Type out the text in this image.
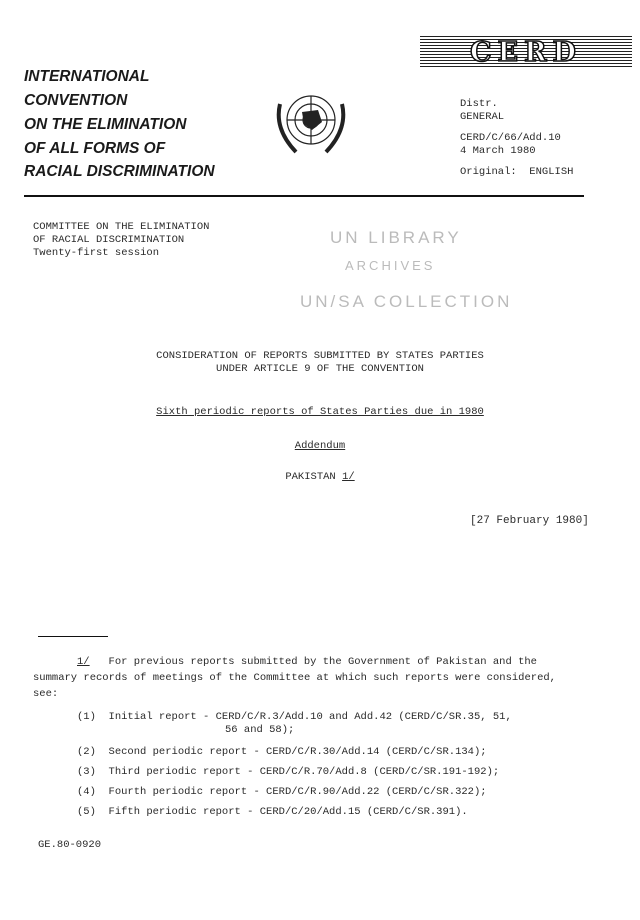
INTERNATIONAL
CONVENTION
ON THE ELIMINATION
OF ALL FORMS OF
RACIAL DISCRIMINATION
CERD
Distr.
GENERAL
CERD/C/66/Add.10
4 March 1980
Original:  ENGLISH
COMMITTEE ON THE ELIMINATION
OF RACIAL DISCRIMINATION
Twenty-first session
UN LIBRARY
ARCHIVES
UN/SA COLLECTION
CONSIDERATION OF REPORTS SUBMITTED BY STATES PARTIES
UNDER ARTICLE 9 OF THE CONVENTION
Sixth periodic reports of States Parties due in 1980
Addendum
PAKISTAN 1/
[27 February 1980]
1/ For previous reports submitted by the Government of Pakistan and the
summary records of meetings of the Committee at which such reports were considered,
see:
(1) Initial report - CERD/C/R.3/Add.10 and Add.42 (CERD/C/SR.35, 51,
56 and 58);
(2) Second periodic report - CERD/C/R.30/Add.14 (CERD/C/SR.134);
(3) Third periodic report - CERD/C/R.70/Add.8 (CERD/C/SR.191-192);
(4) Fourth periodic report - CERD/C/R.90/Add.22 (CERD/C/SR.322);
(5) Fifth periodic report - CERD/C/20/Add.15 (CERD/C/SR.391).
GE.80-0920
